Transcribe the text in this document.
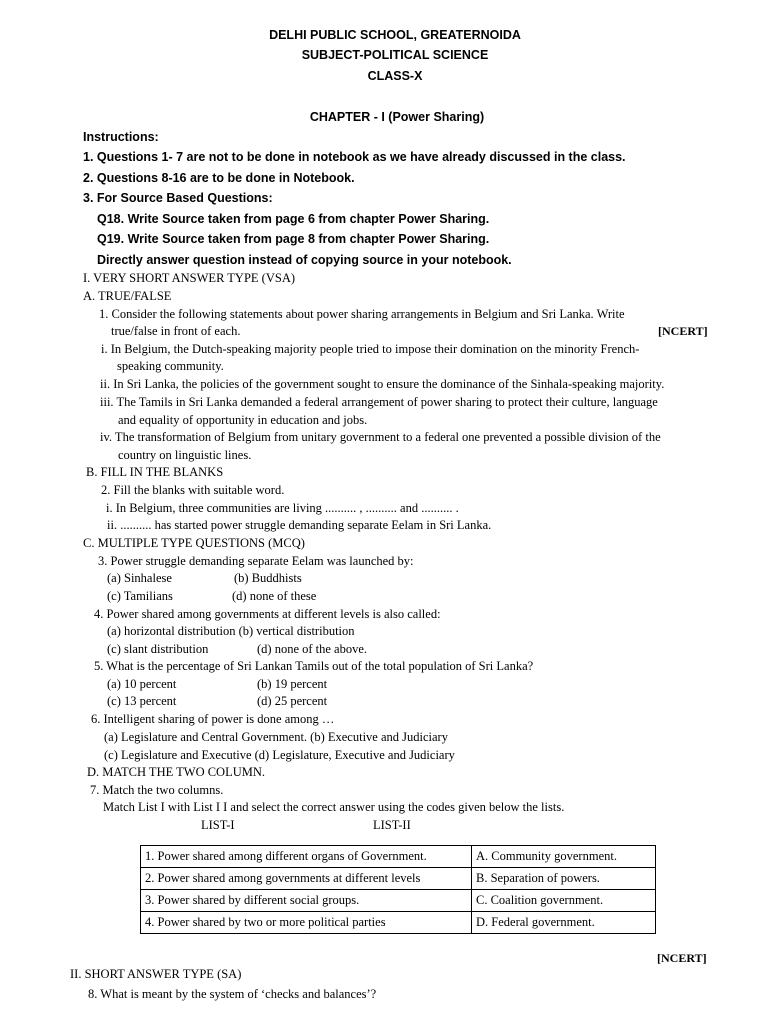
DELHI PUBLIC SCHOOL, GREATERNOIDA
SUBJECT-POLITICAL SCIENCE
CLASS-X
CHAPTER - I (Power Sharing)
Instructions:
1. Questions 1- 7 are not to be done in notebook as we have already discussed in the class.
2. Questions 8-16 are to be done in Notebook.
3. For Source Based Questions:
Q18. Write Source taken from page 6 from chapter Power Sharing.
Q19. Write Source taken from page 8 from chapter Power Sharing.
Directly answer question instead of copying source in your notebook.
I. VERY SHORT ANSWER TYPE (VSA)
A. TRUE/FALSE
1. Consider the following statements about power sharing arrangements in Belgium and Sri Lanka. Write
true/false in front of each.	[NCERT]
i. In Belgium, the Dutch-speaking majority people tried to impose their domination on the minority French-
speaking community.
ii. In Sri Lanka, the policies of the government sought to ensure the dominance of the Sinhala-speaking majority.
iii. The Tamils in Sri Lanka demanded a federal arrangement of power sharing to protect their culture, language
and equality of opportunity in education and jobs.
iv. The transformation of Belgium from unitary government to a federal one prevented a possible division of the
country on linguistic lines.
B. FILL IN THE BLANKS
2. Fill the blanks with suitable word.
i. In Belgium, three communities are living .......... , .......... and .......... .
ii. .......... has started power struggle demanding separate Eelam in Sri Lanka.
C. MULTIPLE TYPE QUESTIONS (MCQ)
3. Power struggle demanding separate Eelam was launched by:
(a) Sinhalese	(b) Buddhists
(c) Tamilians	(d) none of these
4. Power shared among governments at different levels is also called:
(a) horizontal distribution (b) vertical distribution
(c) slant distribution	(d) none of the above.
5. What is the percentage of Sri Lankan Tamils out of the total population of Sri Lanka?
(a) 10 percent	(b) 19 percent
(c) 13 percent	(d) 25 percent
6. Intelligent sharing of power is done among …
(a) Legislature and Central Government. (b) Executive and Judiciary
(c) Legislature and Executive (d) Legislature, Executive and Judiciary
D. MATCH THE TWO COLUMN.
7. Match the two columns.
Match List I with List I I and select the correct answer using the codes given below the lists.
LIST-I	LIST-II
1. Power shared among different organs of Government.	A. Community government.
2. Power shared among governments at different levels	B. Separation of powers.
3. Power shared by different social groups.	C. Coalition government.
4. Power shared by two or more political parties	D. Federal government.
[NCERT]
II. SHORT ANSWER TYPE (SA)
8. What is meant by the system of ‘checks and balances’?
